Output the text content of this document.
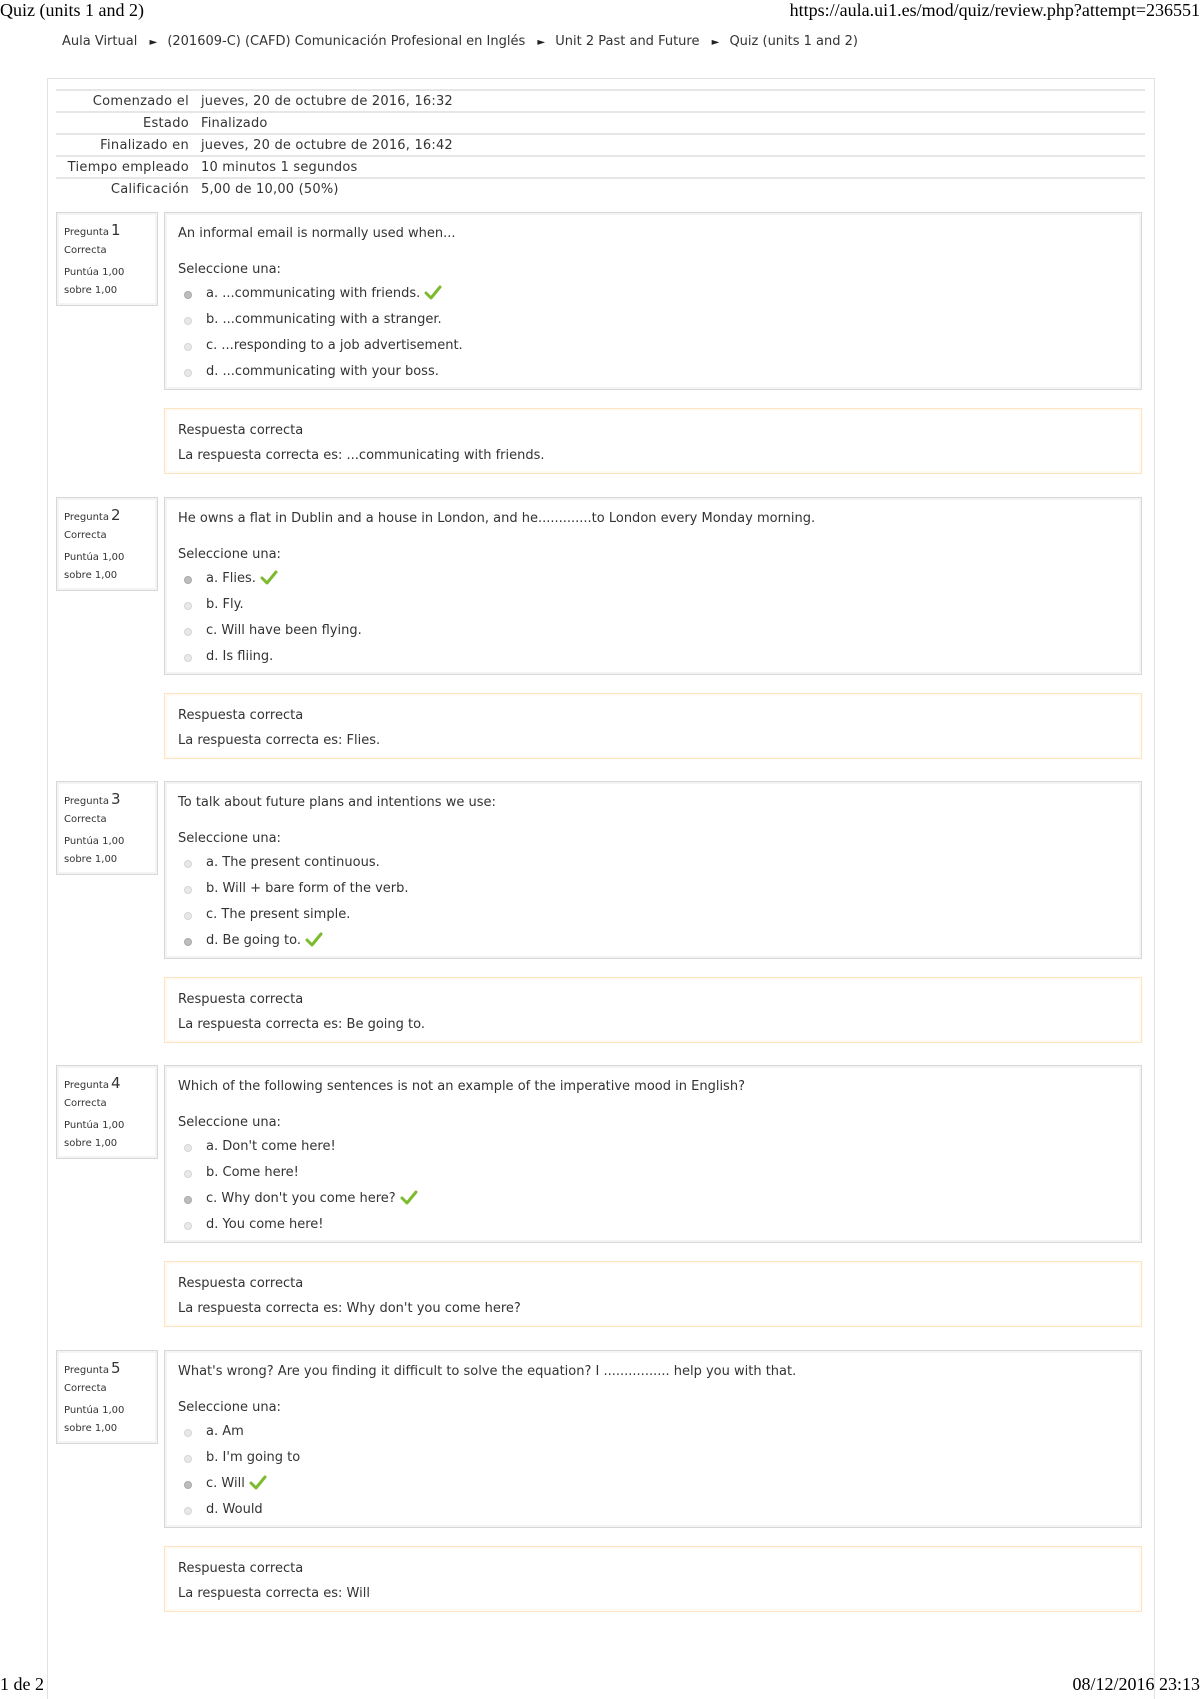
Quiz (units 1 and 2)	https://aula.ui1.es/mod/quiz/review.php?attempt=236551
Aula Virtual ► (201609-C) (CAFD) Comunicación Profesional en Inglés ► Unit 2 Past and Future ► Quiz (units 1 and 2)
Comenzado el	jueves, 20 de octubre de 2016, 16:32
Estado	Finalizado
Finalizado en	jueves, 20 de octubre de 2016, 16:42
Tiempo empleado	10 minutos 1 segundos
Calificación	5,00 de 10,00 (50%)
Pregunta 1
Correcta
Puntúa 1,00
sobre 1,00
An informal email is normally used when...
Seleccione una:
a. ...communicating with friends.
b. ...communicating with a stranger.
c. ...responding to a job advertisement.
d. ...communicating with your boss.
Respuesta correcta
La respuesta correcta es: ...communicating with friends.
Pregunta 2
Correcta
Puntúa 1,00
sobre 1,00
He owns a flat in Dublin and a house in London, and he.............to London every Monday morning.
Seleccione una:
a. Flies.
b. Fly.
c. Will have been flying.
d. Is fliing.
Respuesta correcta
La respuesta correcta es: Flies.
Pregunta 3
Correcta
Puntúa 1,00
sobre 1,00
To talk about future plans and intentions we use:
Seleccione una:
a. The present continuous.
b. Will + bare form of the verb.
c. The present simple.
d. Be going to.
Respuesta correcta
La respuesta correcta es: Be going to.
Pregunta 4
Correcta
Puntúa 1,00
sobre 1,00
Which of the following sentences is not an example of the imperative mood in English?
Seleccione una:
a. Don't come here!
b. Come here!
c. Why don't you come here?
d. You come here!
Respuesta correcta
La respuesta correcta es: Why don't you come here?
Pregunta 5
Correcta
Puntúa 1,00
sobre 1,00
What's wrong? Are you finding it difficult to solve the equation? I ................ help you with that.
Seleccione una:
a. Am
b. I'm going to
c. Will
d. Would
Respuesta correcta
La respuesta correcta es: Will
1 de 2	08/12/2016 23:13
